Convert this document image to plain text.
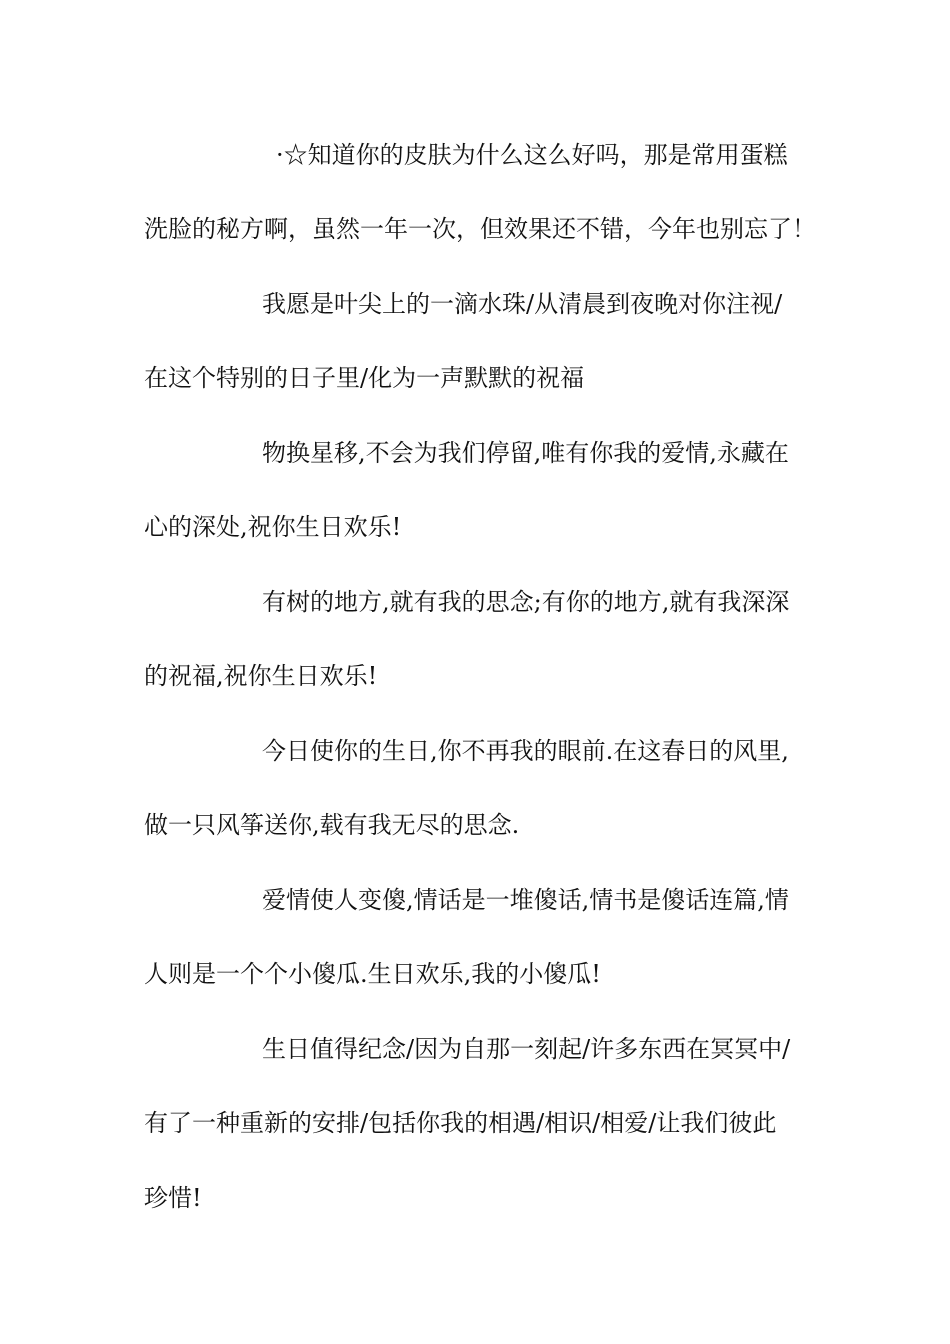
·☆知道你的皮肤为什么这么好吗，那是常用蛋糕
洗脸的秘方啊，虽然一年一次，但效果还不错，今年也别忘了！
我愿是叶尖上的一滴水珠/从清晨到夜晚对你注视/
在这个特别的日子里/化为一声默默的祝福
物换星移,不会为我们停留,唯有你我的爱情,永藏在
心的深处,祝你生日欢乐!
有树的地方,就有我的思念;有你的地方,就有我深深
的祝福,祝你生日欢乐!
今日使你的生日,你不再我的眼前.在这春日的风里,
做一只风筝送你,载有我无尽的思念.
爱情使人变傻,情话是一堆傻话,情书是傻话连篇,情
人则是一个个小傻瓜.生日欢乐,我的小傻瓜!
生日值得纪念/因为自那一刻起/许多东西在冥冥中/
有了一种重新的安排/包括你我的相遇/相识/相爱/让我们彼此
珍惜!
